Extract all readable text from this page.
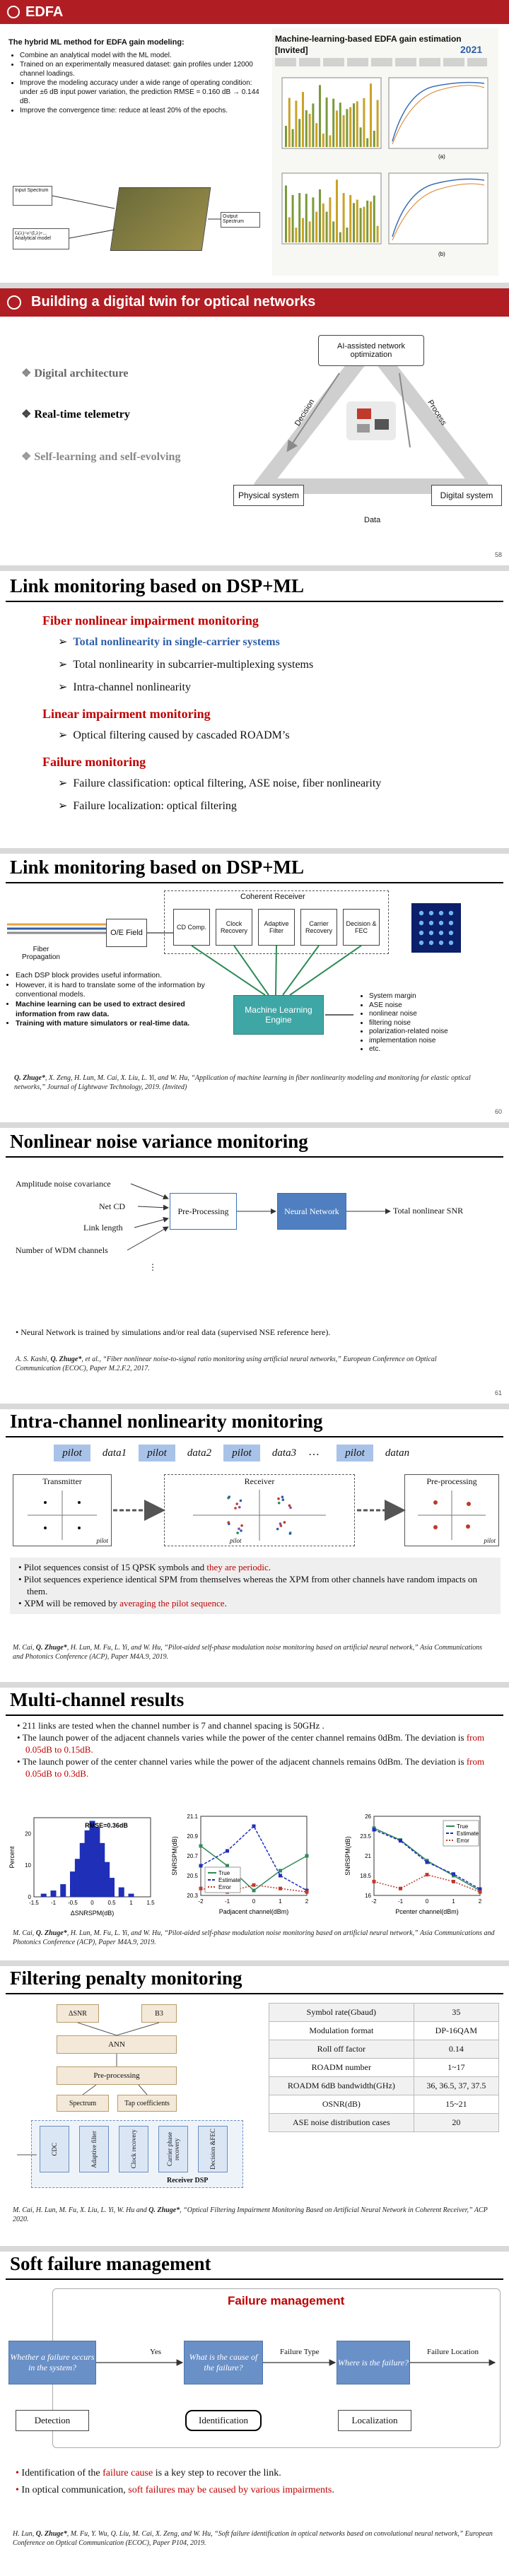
EDFA
The hybrid ML method for EDFA gain modeling:
• Combine an analytical model with the ML model.
• Trained on an experimentally measured dataset: gain profiles under 12000 channel loadings.
• Improve the modeling accuracy under a wide range of operating condition: under ±6 dB input power variation, the prediction RMSE = 0.160 dB → 0.144 dB.
• Improve the convergence time: reduce at least 20% of the epochs.
Input Spectrum
G(λ)=e^(Lλ)+...
Analytical model
Output Spectrum
Machine-learning-based EDFA gain estimation
[Invited]	2021
(a)
(b)
Building a digital twin for optical networks
❖ Digital architecture
❖ Real-time telemetry
❖ Self-learning and self-evolving
AI-assisted network optimization
Physical system	Digital system
Decision	Process
Data
58
Link monitoring based on DSP+ML
Fiber nonlinear impairment monitoring
➢ Total nonlinearity in single-carrier systems
➢ Total nonlinearity in subcarrier-multiplexing systems
➢ Intra-channel nonlinearity
Linear impairment monitoring
➢ Optical filtering caused by cascaded ROADM’s
Failure monitoring
➢ Failure classification: optical filtering, ASE noise, fiber nonlinearity
➢ Failure localization: optical filtering
Link monitoring based on DSP+ML
Coherent Receiver
Fiber Propagation
O/E Field
CD Comp.	Clock Recovery
Adaptive Filter
Carrier Recovery
Decision & FEC
Machine Learning Engine
• System margin
• ASE noise
• nonlinear noise
• filtering noise
• polarization-related noise
• implementation noise
• etc.
• Each DSP block provides useful information.
• However, it is hard to translate some of the information by conventional models.
• Machine learning can be used to extract desired information from raw data.
• Training with mature simulators or real-time data.
Q. Zhuge*, X. Zeng, H. Lun, M. Cai, X. Liu, L. Yi, and W. Hu, “Application of machine learning in fiber nonlinearity modeling and monitoring for elastic optical networks,” Journal of Lightwave Technology, 2019. (Invited)
60
Nonlinear noise variance monitoring
Amplitude noise covariance
Net CD
Link length
Number of WDM channels
⋮
Pre-Processing	Neural Network	Total nonlinear SNR
• Neural Network is trained by simulations and/or real data (supervised NSE reference here).
A. S. Kashi, Q. Zhuge*, et al., “Fiber nonlinear noise-to-signal ratio monitoring using artificial neural networks,” European Conference on Optical Communication (ECOC), Paper M.2.F.2, 2017.
61
Intra-channel nonlinearity monitoring
pilot	data1	pilot	data2	pilot	data3	…	pilot	datan
Transmitter
pilot
Receiver
pilot
Pre-processing
pilot
• Pilot sequences consist of 15 QPSK symbols and they are periodic.
• Pilot sequences experience identical SPM from themselves whereas the XPM from other channels have random impacts on them.
• XPM will be removed by averaging the pilot sequence.
M. Cai, Q. Zhuge*, H. Lun, M. Fu, L. Yi, and W. Hu, “Pilot-aided self-phase modulation noise monitoring based on artificial neural network,” Asia Communications and Photonics Conference (ACP), Paper M4A.9, 2019.
Multi-channel results
• 211 links are tested when the channel number is 7 and channel spacing is 50GHz .
• The launch power of the adjacent channels varies while the power of the center channel remains 0dBm. The deviation is from 0.05dB to 0.15dB.
• The launch power of the center channel varies while the power of the adjacent channels remains 0dBm. The deviation is from 0.05dB to 0.3dB.
-1.5 -1 -0.5 0 0.5 1 1.5
0
10
20
RMSE=0.36dB
Percent
ΔSNRSPM(dB)
-2	-1	0	1	2
20.3
20.5
20.7
20.9
21.1
SNRSPM(dB)
Padjacent channel(dBm)
True
Estimate
Error
-2	-1	0	1	2
16
18.5
21
23.5
26
SNRSPM(dB)
Pcenter channel(dBm)
True
Estimate
Error
M. Cai, Q. Zhuge*, H. Lun, M. Fu, L. Yi, and W. Hu, “Pilot-aided self-phase modulation noise monitoring based on artificial neural network,” Asia Communications and Photonics Conference (ACP), Paper M4A.9, 2019.
Filtering penalty monitoring
ΔSNR	B3
ANN
Pre-processing
Spectrum	Tap coefficients
CDC	Adaptive filter	Clock recovery	Carrier phase recovery	Decision &FEC
Receiver DSP
Symbol rate(Gbaud)	35
Modulation format	DP-16QAM
Roll off factor	0.14
ROADM number	1~17
ROADM 6dB bandwidth(GHz)	36, 36.5, 37, 37.5
OSNR(dB)	15~21
ASE noise distribution cases	20
M. Cai, H. Lun, M. Fu, X. Liu, L. Yi, W. Hu and Q. Zhuge*, “Optical Filtering Impairment Monitoring Based on Artificial Neural Network in Coherent Receiver,” ACP 2020.
Soft failure management
Failure management
Whether a failure occurs in the system?
What is the cause of the failure?
Where is the failure?
Yes	Failure Type	Failure Location
Detection	Identification	Localization
• Identification of the failure cause is a key step to recover the link.
• In optical communication, soft failures may be caused by various impairments.
H. Lun, Q. Zhuge*, M. Fu, Y. Wu, Q. Liu, M. Cai, X. Zeng, and W. Hu, “Soft failure identification in optical networks based on convolutional neural network,” European Conference on Optical Communication (ECOC), Paper P104, 2019.
